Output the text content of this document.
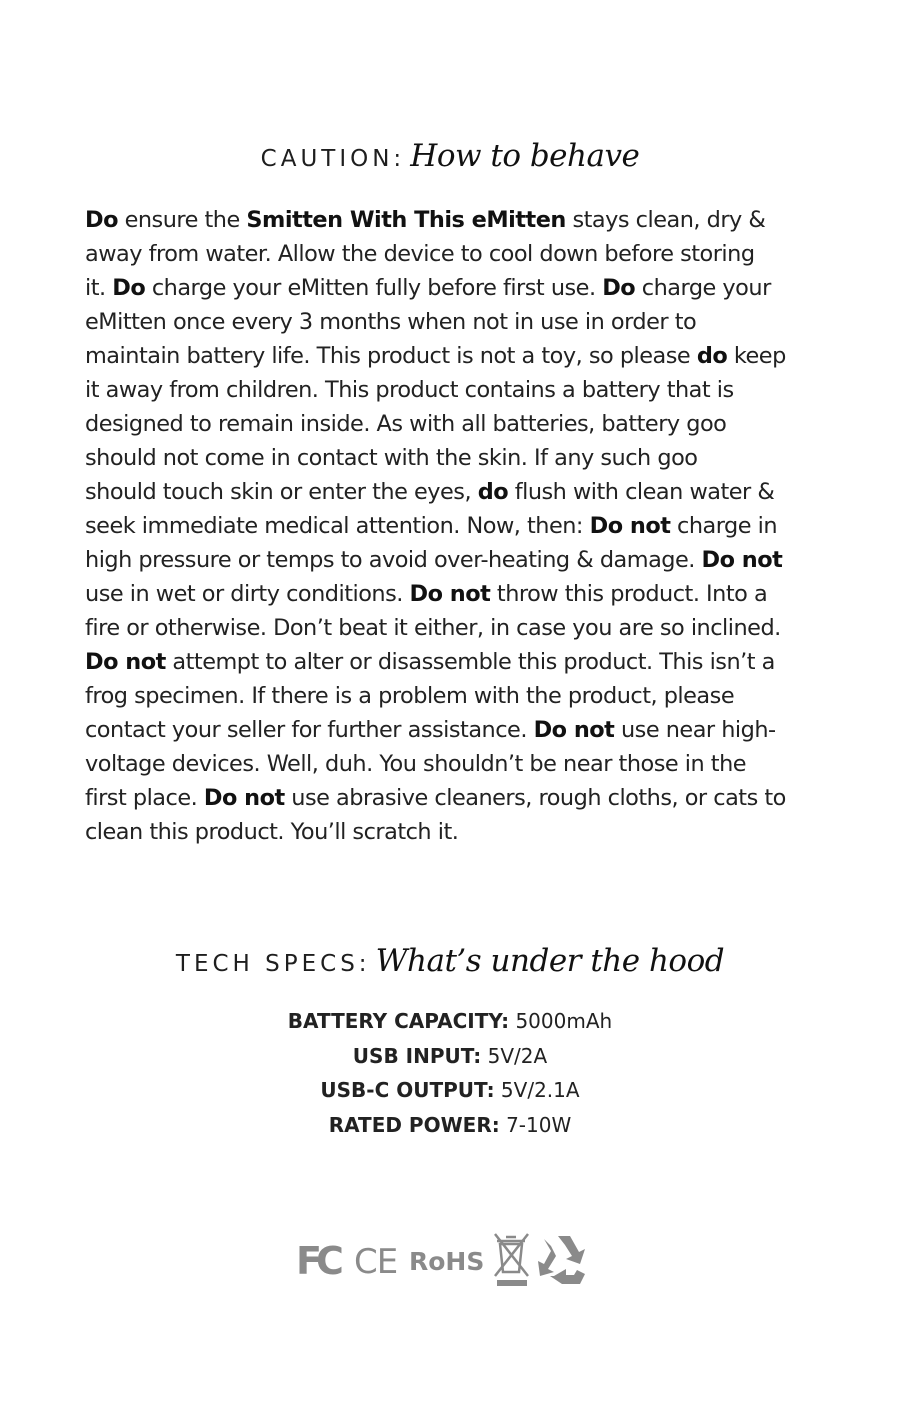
CAUTION: How to behave
Do ensure the Smitten With This eMitten stays clean, dry &
away from water. Allow the device to cool down before storing
it. Do charge your eMitten fully before first use. Do charge your
eMitten once every 3 months when not in use in order to
maintain battery life. This product is not a toy, so please do keep
it away from children. This product contains a battery that is
designed to remain inside. As with all batteries, battery goo
should not come in contact with the skin. If any such goo
should touch skin or enter the eyes, do flush with clean water &
seek immediate medical attention. Now, then: Do not charge in
high pressure or temps to avoid over-heating & damage. Do not
use in wet or dirty conditions. Do not throw this product. Into a
fire or otherwise. Don’t beat it either, in case you are so inclined.
Do not attempt to alter or disassemble this product. This isn’t a
frog specimen. If there is a problem with the product, please
contact your seller for further assistance. Do not use near high-
voltage devices. Well, duh. You shouldn’t be near those in the
first place. Do not use abrasive cleaners, rough cloths, or cats to
clean this product. You’ll scratch it.
TECH SPECS: What’s under the hood
BATTERY CAPACITY: 5000mAh
USB INPUT: 5V/2A
USB-C OUTPUT: 5V/2.1A
RATED POWER: 7-10W
FC CE RoHS
